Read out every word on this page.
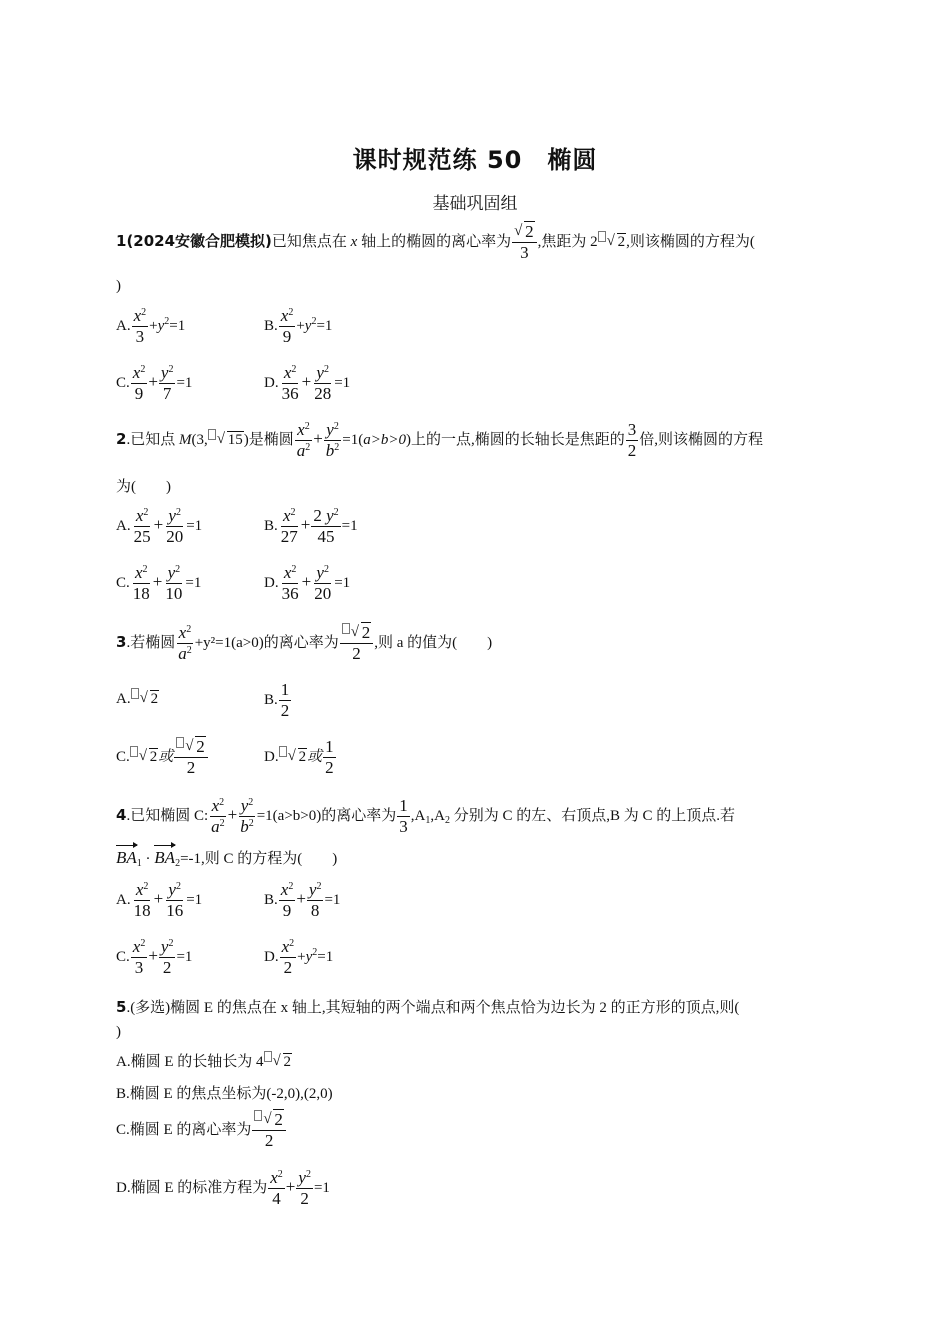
课时规范练 50　椭圆
基础巩固组
1(2024安徽合肥模拟)已知焦点在 x 轴上的椭圆的离心率为 √ $\frac{2}{3}$ ,焦距为 2 √ 2,则该椭圆的方程为(
)
A. $\frac{x^2}{3} +y^2=1$	B. $\frac{x^2}{9} +y^2=1$
C. $\frac{x^2}{9} + \frac{y^2}{7} =1$	D. $\frac{x^2}{36} + \frac{y^2}{28} =1$
2.已知点 M(3, √ 15)是椭圆 $\frac{x^2}{a^2} + \frac{y^2}{b^2} =1(a>b>0)$上的一点,椭圆的长轴长是焦距的 $\frac{3}{2}$ 倍,则该椭圆的方程
为(　　)
A. $\frac{x^2}{25} + \frac{y^2}{20} =1$	B. $\frac{x^2}{27} + \frac{2 y^2}{45} =1$
C. $\frac{x^2}{18} + \frac{y^2}{10} =1$	D. $\frac{x^2}{36} + \frac{y^2}{20} =1$
3.若椭圆 $\frac{x^2}{a^2} +y^2=1(a>0)$的离心率为 √ $\frac{2}{2}$ ,则 a 的值为(　　)
A. √ 2	B. $\frac{1}{2}$
C. √ 2或 √ $\frac{2}{2}$	D. √ 2或 $\frac{1}{2}$
4.已知椭圆 C: $\frac{x^2}{a^2} + \frac{y^2}{b^2} =1(a>b>0)$的离心率为 $\frac{1}{3} ,A_1,A_2$ 分别为 C 的左、右顶点,B 为 C 的上顶点.若
$BA_1 \cdot BA_2=-1$,则 C 的方程为(　　)
A. $\frac{x^2}{18} + \frac{y^2}{16} =1$	B. $\frac{x^2}{9} + \frac{y^2}{8} =1$
C. $\frac{x^2}{3} + \frac{y^2}{2} =1$	D. $\frac{x^2}{2} +y^2=1$
5.(多选)椭圆 E 的焦点在 x 轴上,其短轴的两个端点和两个焦点恰为边长为 2 的正方形的顶点,则(
)
A.椭圆 E 的长轴长为 4 √ 2
B.椭圆 E 的焦点坐标为(-2,0),(2,0)
C.椭圆 E 的离心率为 √ $\frac{2}{2}$
D.椭圆 E 的标准方程为 $\frac{x^2}{4} + \frac{y^2}{2} =1$
